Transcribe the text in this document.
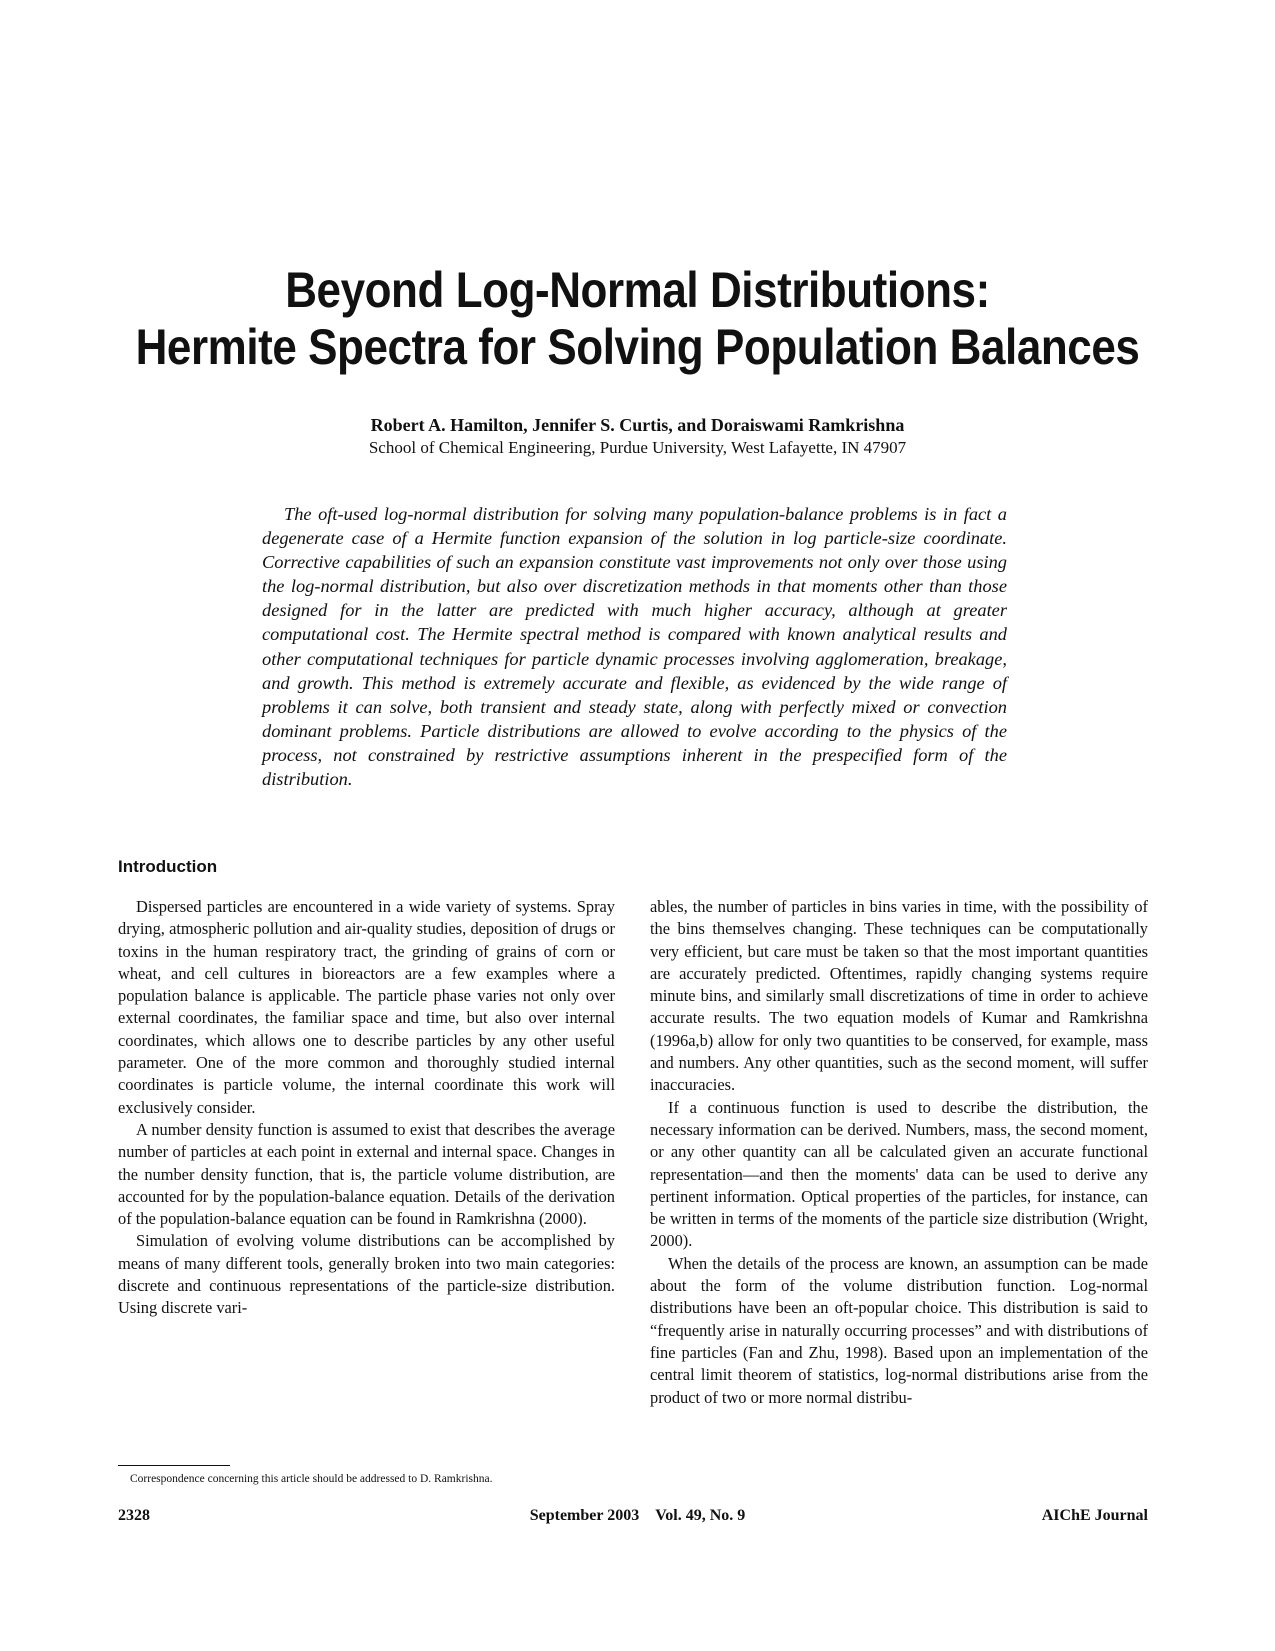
Beyond Log-Normal Distributions:
Hermite Spectra for Solving Population Balances
Robert A. Hamilton, Jennifer S. Curtis, and Doraiswami Ramkrishna
School of Chemical Engineering, Purdue University, West Lafayette, IN 47907

The oft-used log-normal distribution for solving many population-balance problems is in fact a degenerate case of a Hermite function expansion of the solution in log particle-size coordinate. Corrective capabilities of such an expansion constitute vast improvements not only over those using the log-normal distribution, but also over discretization methods in that moments other than those designed for in the latter are predicted with much higher accuracy, although at greater computational cost. The Hermite spectral method is compared with known analytical results and other computational techniques for particle dynamic processes involving agglomeration, breakage, and growth. This method is extremely accurate and flexible, as evidenced by the wide range of problems it can solve, both transient and steady state, along with perfectly mixed or convection dominant problems. Particle distributions are allowed to evolve according to the physics of the process, not constrained by restrictive assumptions inherent in the prespecified form of the distribution.

Introduction

Dispersed particles are encountered in a wide variety of systems. Spray drying, atmospheric pollution and air-quality studies, deposition of drugs or toxins in the human respiratory tract, the grinding of grains of corn or wheat, and cell cultures in bioreactors are a few examples where a population balance is applicable. The particle phase varies not only over external coordinates, the familiar space and time, but also over internal coordinates, which allows one to describe particles by any other useful parameter. One of the more common and thoroughly studied internal coordinates is particle volume, the internal coordinate this work will exclusively consider.

A number density function is assumed to exist that describes the average number of particles at each point in external and internal space. Changes in the number density function, that is, the particle volume distribution, are accounted for by the population-balance equation. Details of the derivation of the population-balance equation can be found in Ramkrishna (2000).

Simulation of evolving volume distributions can be accomplished by means of many different tools, generally broken into two main categories: discrete and continuous representations of the particle-size distribution. Using discrete vari-

ables, the number of particles in bins varies in time, with the possibility of the bins themselves changing. These techniques can be computationally very efficient, but care must be taken so that the most important quantities are accurately predicted. Oftentimes, rapidly changing systems require minute bins, and similarly small discretizations of time in order to achieve accurate results. The two equation models of Kumar and Ramkrishna (1996a,b) allow for only two quantities to be conserved, for example, mass and numbers. Any other quantities, such as the second moment, will suffer inaccuracies.

If a continuous function is used to describe the distribution, the necessary information can be derived. Numbers, mass, the second moment, or any other quantity can all be calculated given an accurate functional representation—and then the moments' data can be used to derive any pertinent information. Optical properties of the particles, for instance, can be written in terms of the moments of the particle size distribution (Wright, 2000).

When the details of the process are known, an assumption can be made about the form of the volume distribution function. Log-normal distributions have been an oft-popular choice. This distribution is said to “frequently arise in naturally occurring processes” and with distributions of fine particles (Fan and Zhu, 1998). Based upon an implementation of the central limit theorem of statistics, log-normal distributions arise from the product of two or more normal distribu-

Correspondence concerning this article should be addressed to D. Ramkrishna.
2328	September 2003 Vol. 49, No. 9	AIChE Journal
